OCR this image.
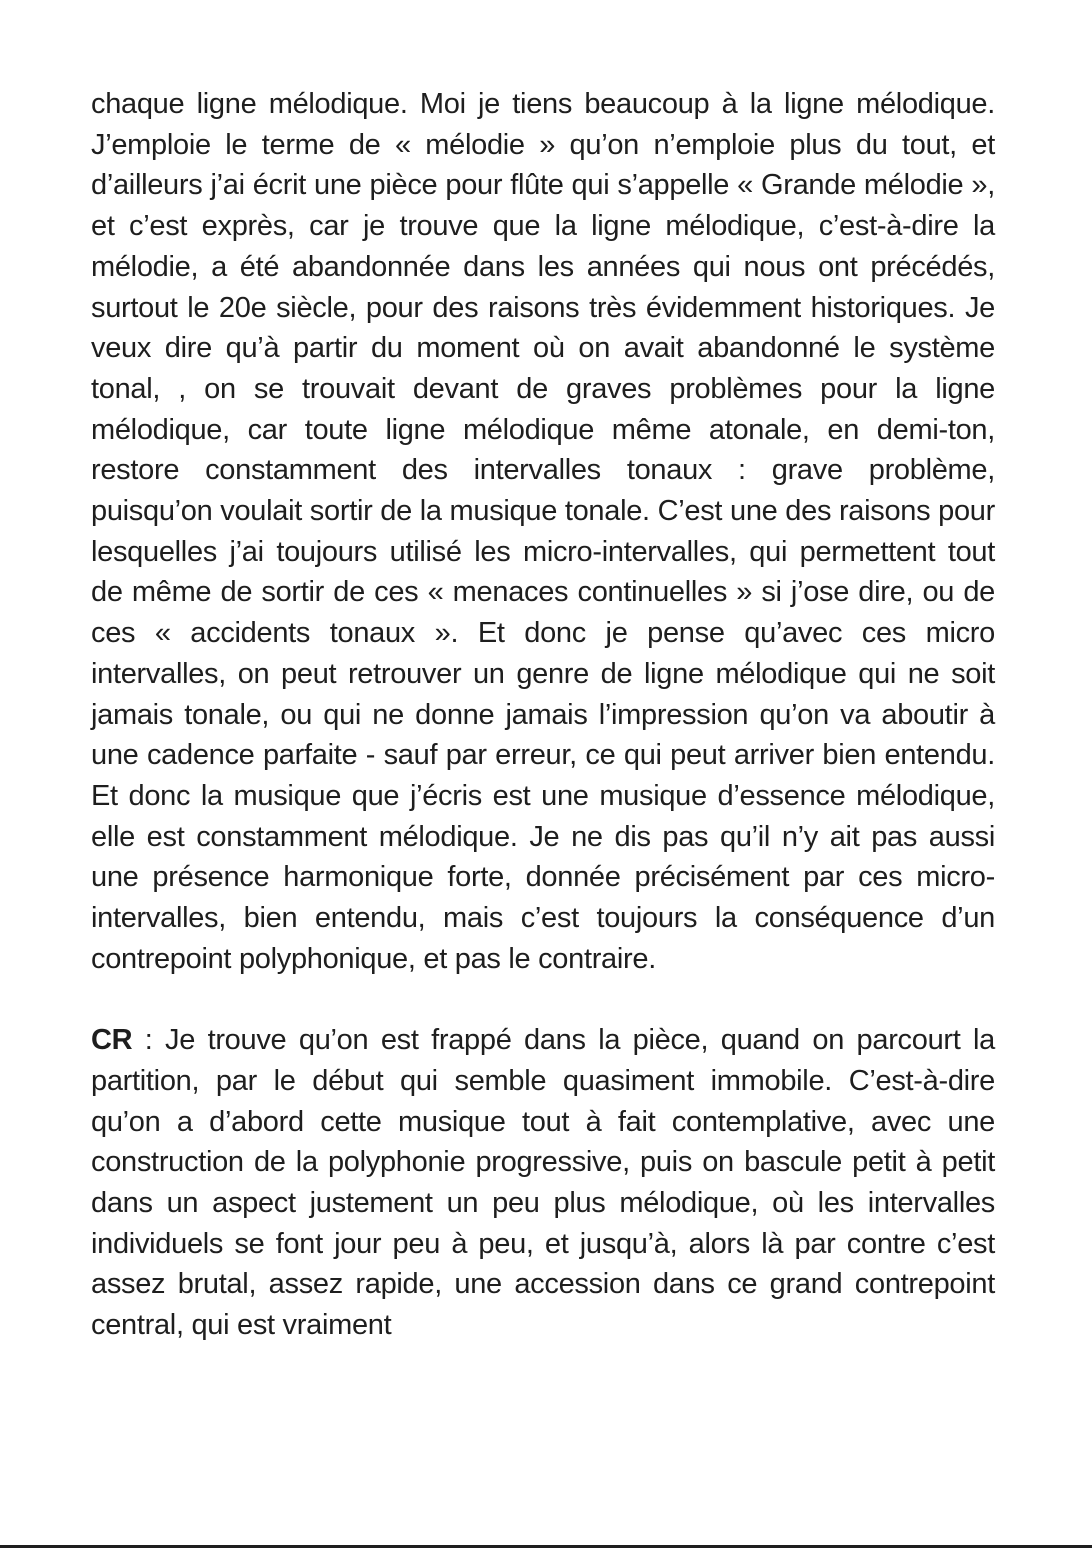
chaque ligne mélodique. Moi je tiens beaucoup à la ligne mélodique. J’emploie le terme de « mélodie » qu’on n’emploie plus du tout, et d’ailleurs j’ai écrit une pièce pour flûte qui s’appelle « Grande mélodie », et c’est exprès, car je trouve que la ligne mélodique, c’est-à-dire la mélodie, a été abandonnée dans les années qui nous ont précédés, surtout le 20e siècle, pour des raisons très évidemment historiques. Je veux dire qu’à partir du moment où on avait abandonné le système tonal, , on se trouvait devant de graves problèmes pour la ligne mélodique, car toute ligne mélodique même atonale, en demi-ton, restore constamment des intervalles tonaux : grave problème, puisqu’on voulait sortir de la musique tonale. C’est une des raisons pour lesquelles j’ai toujours utilisé les micro-intervalles, qui permettent tout de même de sortir de ces « menaces continuelles » si j’ose dire, ou de ces « accidents tonaux ». Et donc je pense qu’avec ces micro intervalles, on peut retrouver un genre de ligne mélodique qui ne soit jamais tonale, ou qui ne donne jamais l’impression qu’on va aboutir à une cadence parfaite - sauf par erreur, ce qui peut arriver bien entendu. Et donc la musique que j’écris est une musique d’essence mélodique, elle est constamment mélodique. Je ne dis pas qu’il n’y ait pas aussi une présence harmonique forte, donnée précisément par ces micro-intervalles, bien entendu, mais c’est toujours la conséquence d’un contrepoint polyphonique, et pas le contraire.

CR : Je trouve qu’on est frappé dans la pièce, quand on parcourt la partition, par le début qui semble quasiment immobile. C’est-à-dire qu’on a d’abord cette musique tout à fait contemplative, avec une construction de la polyphonie progressive, puis on bascule petit à petit dans un aspect justement un peu plus mélodique, où les intervalles individuels se font jour peu à peu, et jusqu’à, alors là par contre c’est assez brutal, assez rapide, une accession dans ce grand contrepoint central, qui est vraiment
